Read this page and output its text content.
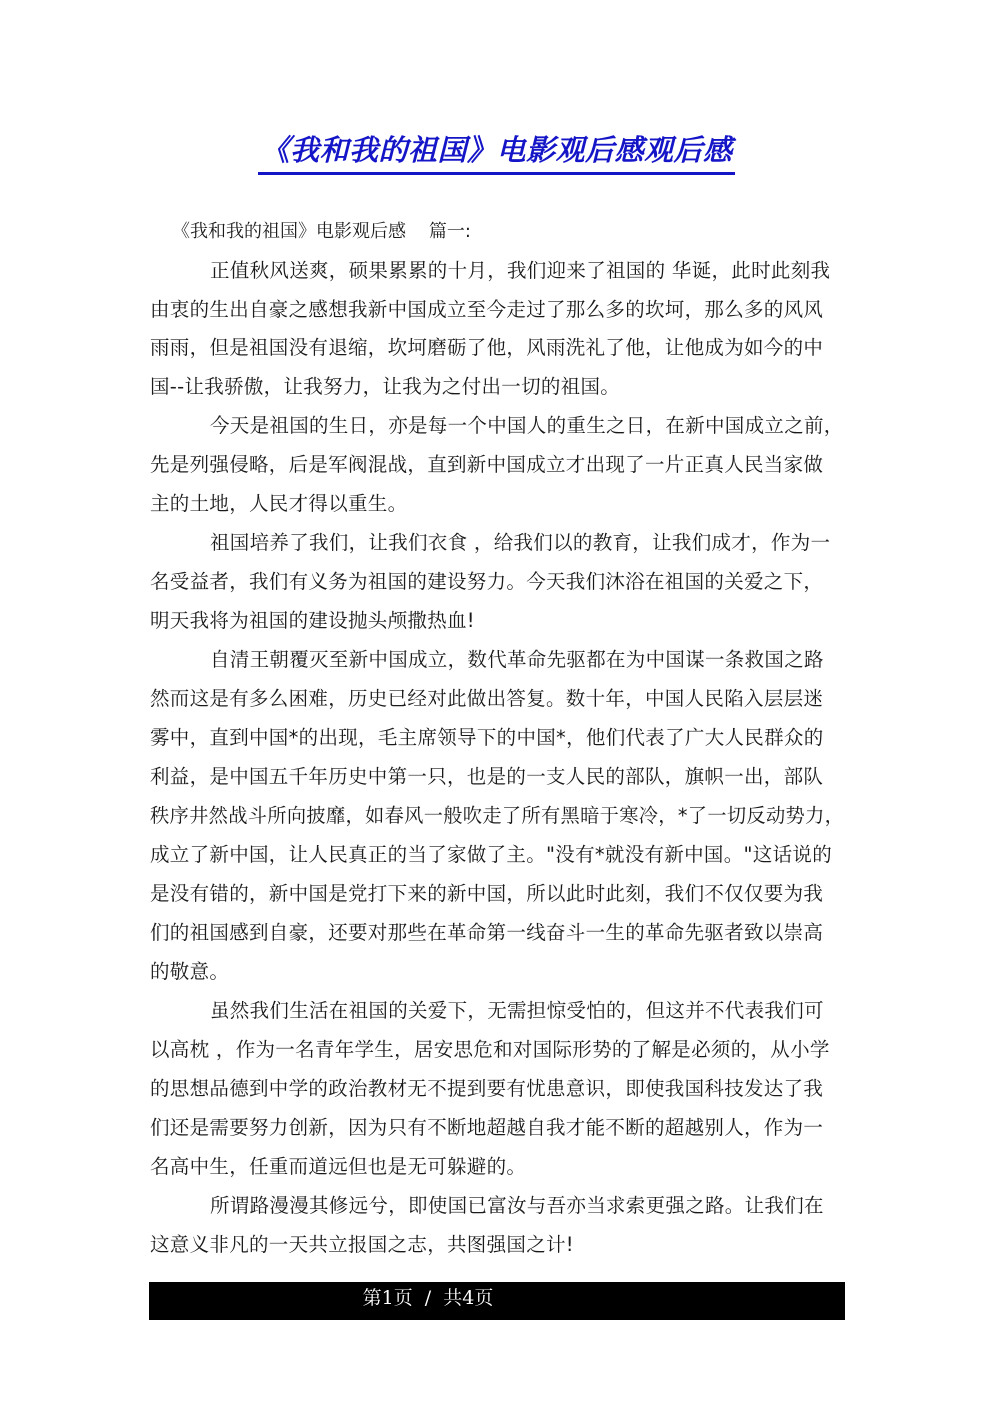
《我和我的祖国》电影观后感观后感

《我和我的祖国》电影观后感    篇一:

正值秋风送爽，硕果累累的十月，我们迎来了祖国的 华诞，此时此刻我

由衷的生出自豪之感想我新中国成立至今走过了那么多的坎坷，那么多的风风

雨雨，但是祖国没有退缩，坎坷磨砺了他，风雨洗礼了他，让他成为如今的中

国--让我骄傲，让我努力，让我为之付出一切的祖国。

今天是祖国的生日，亦是每一个中国人的重生之日，在新中国成立之前，

先是列强侵略，后是军阀混战，直到新中国成立才出现了一片正真人民当家做

主的土地，人民才得以重生。

祖国培养了我们，让我们衣食 ，给我们以的教育，让我们成才，作为一

名受益者，我们有义务为祖国的建设努力。今天我们沐浴在祖国的关爱之下，

明天我将为祖国的建设抛头颅撒热血!

自清王朝覆灭至新中国成立，数代革命先驱都在为中国谋一条救国之路

然而这是有多么困难，历史已经对此做出答复。数十年，中国人民陷入层层迷

雾中，直到中国*的出现，毛主席领导下的中国*，他们代表了广大人民群众的

利益，是中国五千年历史中第一只，也是的一支人民的部队，旗帜一出，部队

秩序井然战斗所向披靡，如春风一般吹走了所有黑暗于寒冷，*了一切反动势力，

成立了新中国，让人民真正的当了家做了主。"没有*就没有新中国。"这话说的

是没有错的，新中国是党打下来的新中国，所以此时此刻，我们不仅仅要为我

们的祖国感到自豪，还要对那些在革命第一线奋斗一生的革命先驱者致以崇高

的敬意。

虽然我们生活在祖国的关爱下，无需担惊受怕的，但这并不代表我们可

以高枕 ，作为一名青年学生，居安思危和对国际形势的了解是必须的，从小学

的思想品德到中学的政治教材无不提到要有忧患意识，即使我国科技发达了我

们还是需要努力创新，因为只有不断地超越自我才能不断的超越别人，作为一

名高中生，任重而道远但也是无可躲避的。

所谓路漫漫其修远兮，即使国已富汝与吾亦当求索更强之路。让我们在

这意义非凡的一天共立报国之志，共图强国之计!

第1页  /  共4页
